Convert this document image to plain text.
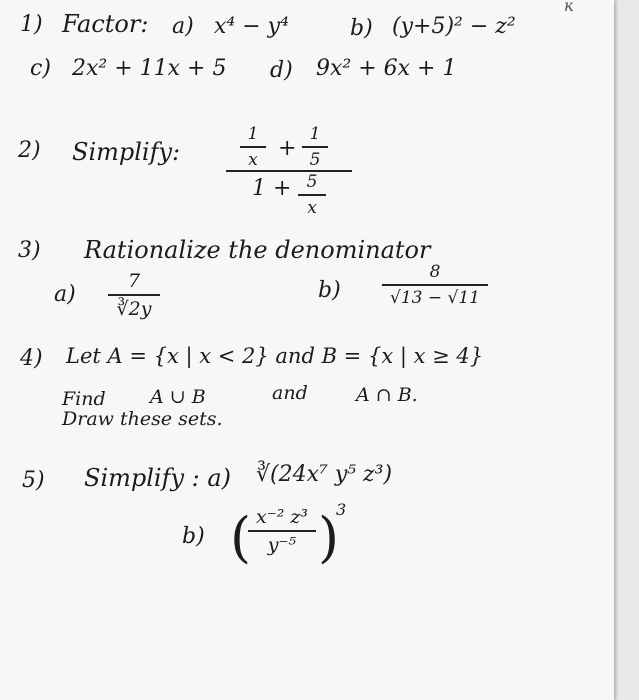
ĸ
1) Factor: a) x⁴ − y⁴	b) (y+5)² − z²
c) 2x² + 11x + 5 d) 9x² + 6x + 1
2) Simplify:
1
x +
1
5
1 + 5
x
3) Rationalize the denominator
a)
7
∛2y
b)
8
√13 − √11
4) Let A = {x | x < 2} and B = {x | x ≥ 4}
Find A ∪ B	and	A ∩ B.
Draw these sets.
5) Simplify : a) ∛(24x⁷ y⁵ z³)
b) ( x⁻² z³
y⁻⁵ )
3
